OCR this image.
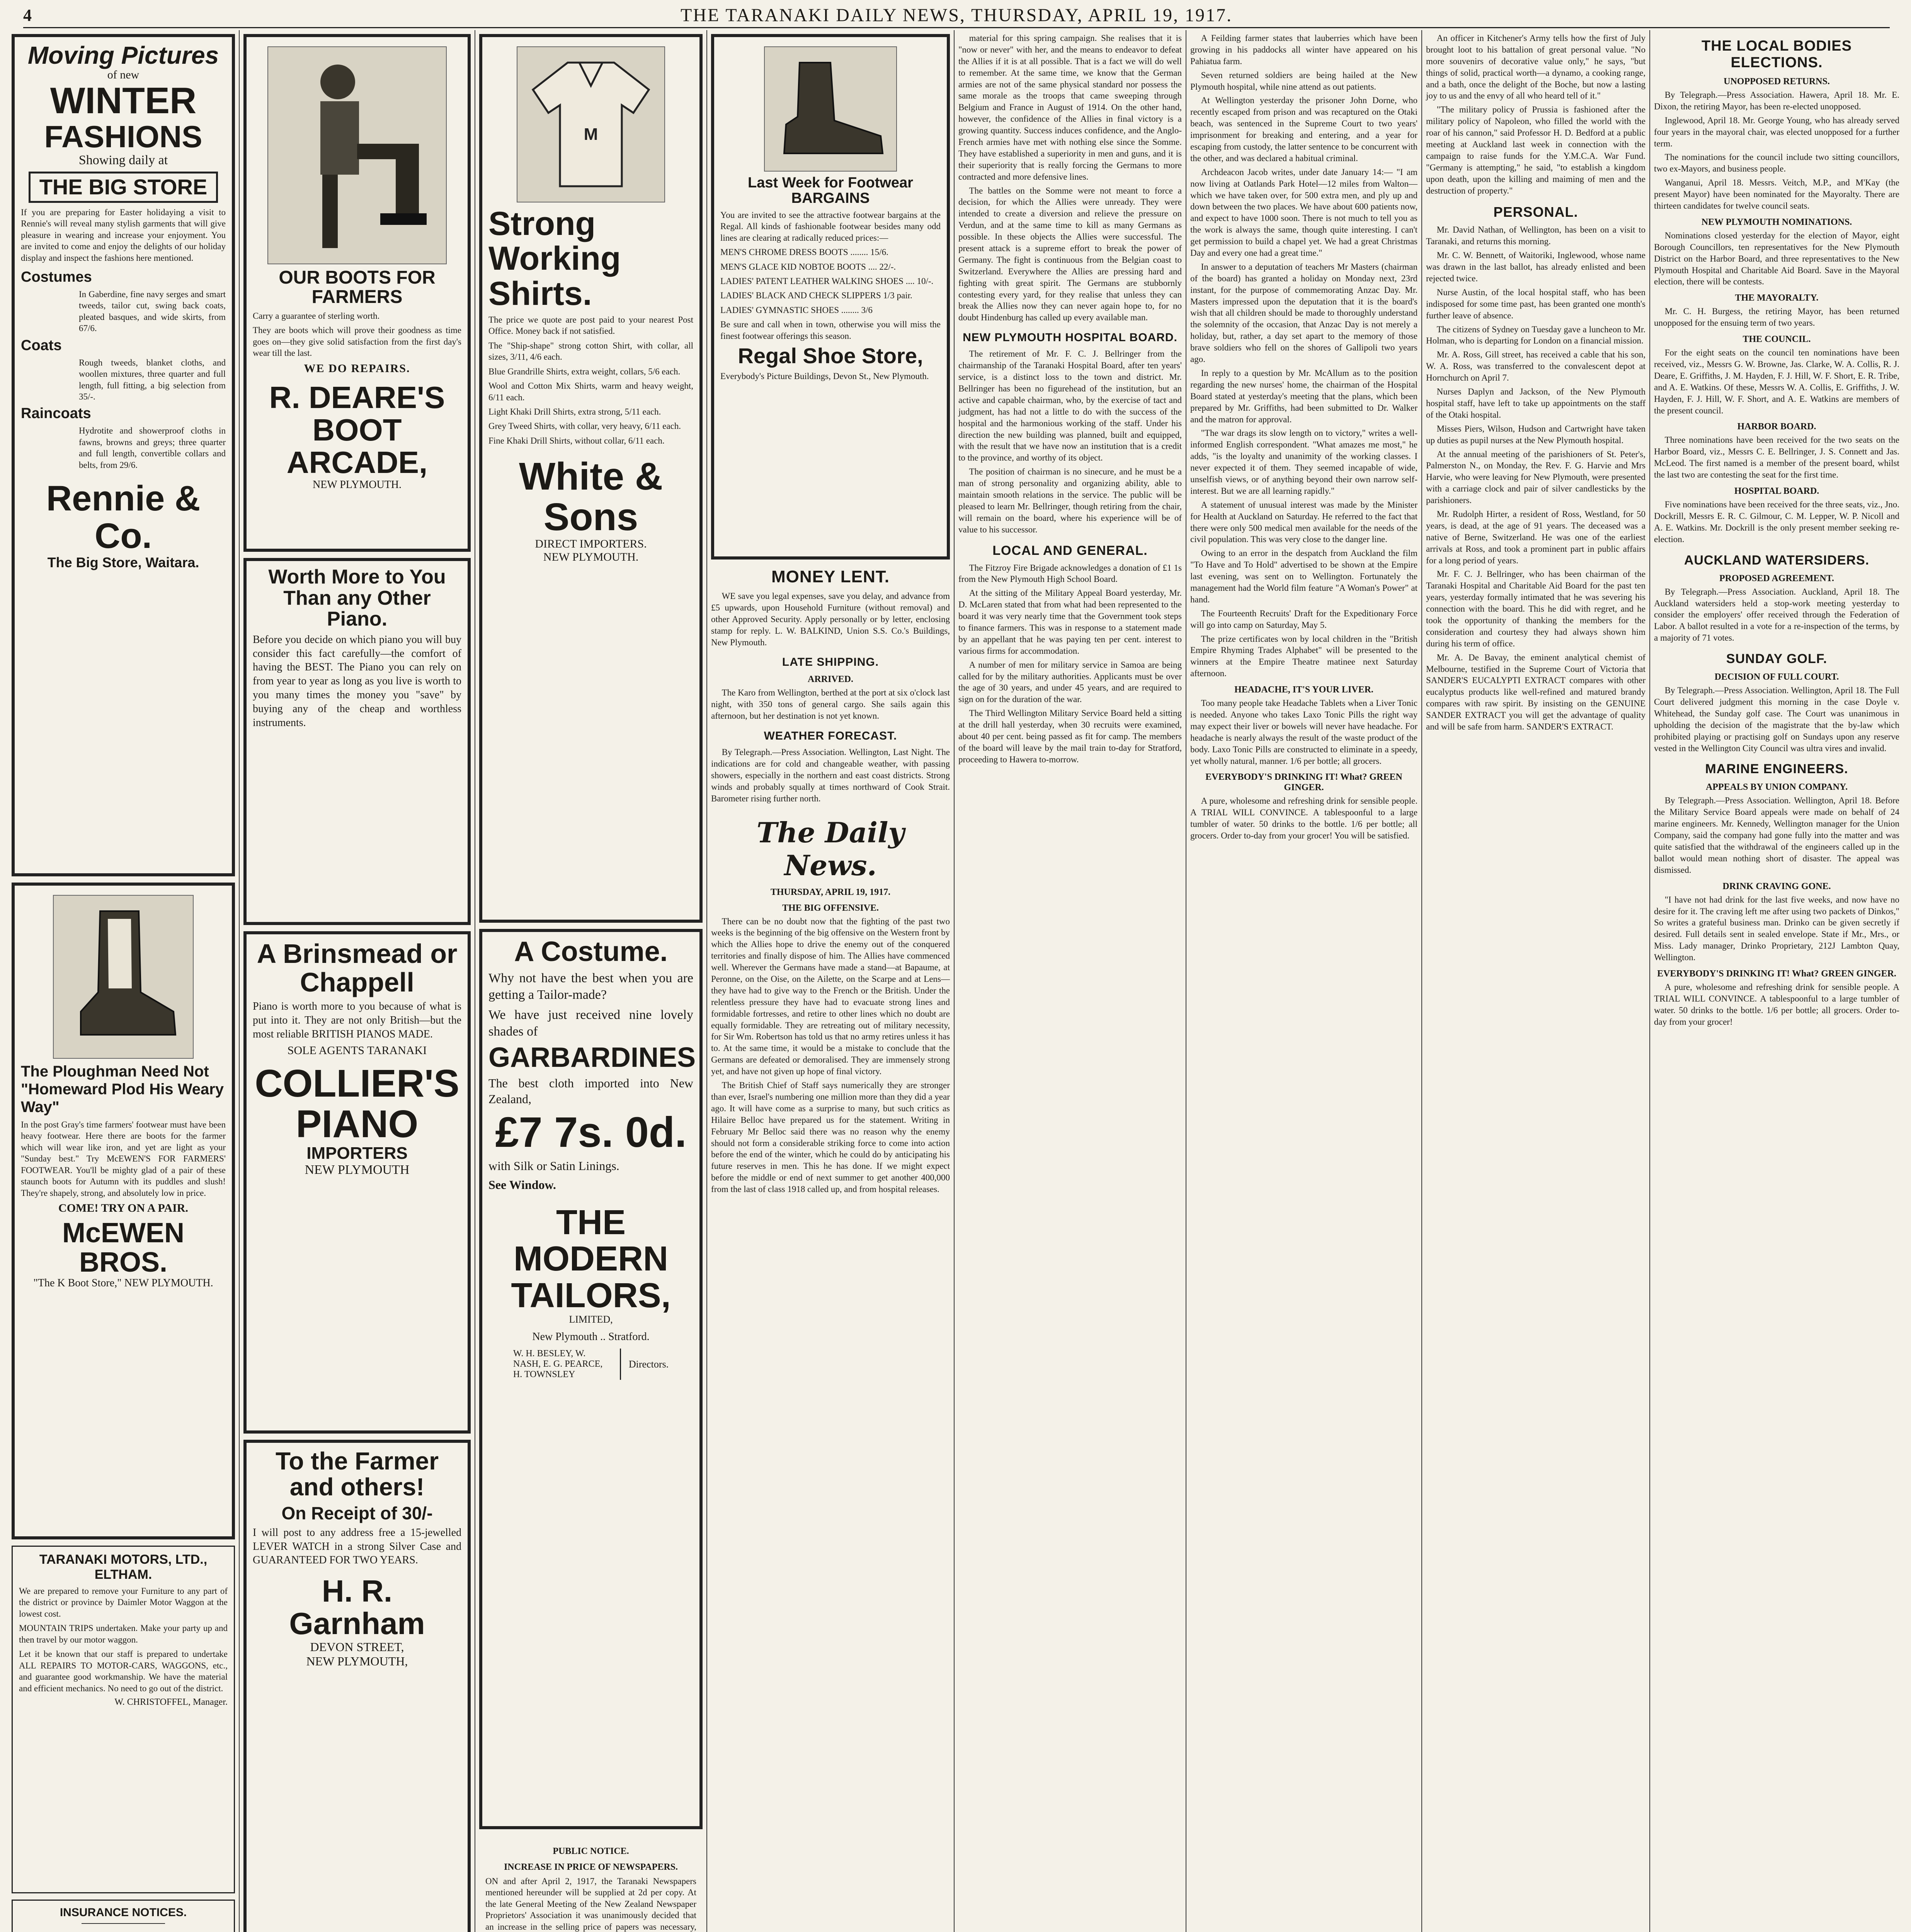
4	THE TARANAKI DAILY NEWS, THURSDAY, APRIL 19, 1917.
Moving Pictures
of new
WINTER
FASHIONS
Showing daily at
THE BIG STORE

If you are preparing for Easter holidaying a visit to Rennie's will reveal many stylish garments that will give pleasure in wearing and increase your enjoyment. You are invited to come and enjoy the delights of our holiday display and inspect the fashions here mentioned.

Costumes

In Gaberdine, fine navy serges and smart tweeds, tailor cut, swing back coats, pleated basques, and wide skirts, from 67/6.

Coats

Rough tweeds, blanket cloths, and woollen mixtures, three quarter and full length, full fitting, a big selection from 35/-.

Raincoats

Hydrotite and showerproof cloths in fawns, browns and greys; three quarter and full length, convertible collars and belts, from 29/6.

Rennie & Co.
The Big Store, Waitara.
The Ploughman Need Not "Homeward Plod His Weary Way"

In the post Gray's time farmers' footwear must have been heavy footwear. Here there are boots for the farmer which will wear like iron, and yet are light as your "Sunday best." Try McEWEN'S FOR FARMERS' FOOTWEAR. You'll be mighty glad of a pair of these staunch boots for Autumn with its puddles and slush! They're shapely, strong, and absolutely low in price.

COME! TRY ON A PAIR.
McEWEN BROS.
"The K Boot Store," NEW PLYMOUTH.
TARANAKI MOTORS, LTD., ELTHAM.

We are prepared to remove your Furniture to any part of the district or province by Daimler Motor Waggon at the lowest cost.

MOUNTAIN TRIPS undertaken. Make your party up and then travel by our motor waggon.

Let it be known that our staff is prepared to undertake ALL REPAIRS TO MOTOR-CARS, WAGGONS, etc., and guarantee good workmanship. We have the material and efficient mechanics. No need to go out of the district.

W. CHRISTOFFEL, Manager.
INSURANCE NOTICES.

OUR BOOTS FOR FARMERS

Carry a guarantee of sterling worth.

They are boots which will prove their goodness as time goes on—they give solid satisfaction from the first day's wear till the last.

WE DO REPAIRS.
R. DEARE'S BOOT ARCADE,
NEW PLYMOUTH.
Worth More to You Than any Other Piano.

Before you decide on which piano you will buy consider this fact carefully—the comfort of having the BEST. The Piano you can rely on from year to year as long as you live is worth to you many times the money you "save" by buying any of the cheap and worthless instruments.

A Brinsmead or Chappell

Piano is worth more to you because of what is put into it. They are not only British—but the most reliable BRITISH PIANOS MADE.

SOLE AGENTS TARANAKI
COLLIER'S PIANO
IMPORTERS
NEW PLYMOUTH
To the Farmer and others!
On Receipt of 30/-

I will post to any address free a 15-jewelled LEVER WATCH in a strong Silver Case and GUARANTEED FOR TWO YEARS.

H. R. Garnham
DEVON STREET,
NEW PLYMOUTH,

M
Strong Working Shirts.

The price we quote are post paid to your nearest Post Office. Money back if not satisfied.

The "Ship-shape" strong cotton Shirt, with collar, all sizes, 3/11, 4/6 each.

Blue Grandrille Shirts, extra weight, collars, 5/6 each.

Wool and Cotton Mix Shirts, warm and heavy weight, 6/11 each.

Light Khaki Drill Shirts, extra strong, 5/11 each.

Grey Tweed Shirts, with collar, very heavy, 6/11 each.

Fine Khaki Drill Shirts, without collar, 6/11 each.

White & Sons
DIRECT IMPORTERS.
NEW PLYMOUTH.
A Costume.

Why not have the best when you are getting a Tailor-made?

We have just received nine lovely shades of

GARBARDINES

The best cloth imported into New Zealand,

£7 7s. 0d.

with Silk or Satin Linings.

See Window.

THE MODERN TAILORS,
LIMITED,
New Plymouth .. Stratford.
W. H. BESLEY, W. NASH, E. G. PEARCE, H. TOWNSLEY
Directors.
PUBLIC NOTICE.
INCREASE IN PRICE OF NEWSPAPERS.

ON and after April 2, 1917, the Taranaki Newspapers mentioned hereunder will be supplied at 2d per copy. At the late General Meeting of the New Zealand Newspaper Proprietors' Association it was unanimously decided that an increase in the selling price of papers was necessary,

Last Week for Footwear BARGAINS

You are invited to see the attractive footwear bargains at the Regal. All kinds of fashionable footwear besides many odd lines are clearing at radically reduced prices:—

MEN'S CHROME DRESS BOOTS ........ 15/6.

MEN'S GLACE KID NOBTOE BOOTS .... 22/-.

LADIES' PATENT LEATHER WALKING SHOES .... 10/-.

LADIES' BLACK AND CHECK SLIPPERS 1/3 pair.

LADIES' GYMNASTIC SHOES ........ 3/6

Be sure and call when in town, otherwise you will miss the finest footwear offerings this season.

Regal Shoe Store,

Everybody's Picture Buildings, Devon St., New Plymouth.

MONEY LENT.

WE save you legal expenses, save you delay, and advance from £5 upwards, upon Household Furniture (without removal) and other Approved Security. Apply personally or by letter, enclosing stamp for reply. L. W. BALKIND, Union S.S. Co.'s Buildings, New Plymouth.

LATE SHIPPING.
ARRIVED.

The Karo from Wellington, berthed at the port at six o'clock last night, with 350 tons of general cargo. She sails again this afternoon, but her destination is not yet known.

WEATHER FORECAST.

By Telegraph.—Press Association. Wellington, Last Night. The indications are for cold and changeable weather, with passing showers, especially in the northern and east coast districts. Strong winds and probably squally at times northward of Cook Strait. Barometer rising further north.

The Daily News.
THURSDAY, APRIL 19, 1917.
THE BIG OFFENSIVE.

There can be no doubt now that the fighting of the past two weeks is the beginning of the big offensive on the Western front by which the Allies hope to drive the enemy out of the conquered territories and finally dispose of him. The Allies have commenced well. Wherever the Germans have made a stand—at Bapaume, at Peronne, on the Oise, on the Ailette, on the Scarpe and at Lens—they have had to give way to the French or the British. Under the relentless pressure they have had to evacuate strong lines and formidable fortresses, and retire to other lines which no doubt are equally formidable. They are retreating out of military necessity, for Sir Wm. Robertson has told us that no army retires unless it has to. At the same time, it would be a mistake to conclude that the Germans are defeated or demoralised. They are immensely strong yet, and have not given up hope of final victory.

The British Chief of Staff says numerically they are stronger than ever, Israel's numbering one million more than they did a year ago. It will have come as a surprise to many, but such critics as Hilaire Belloc have prepared us for the statement. Writing in February Mr Belloc said there was no reason why the enemy should not form a considerable striking force to come into action before the end of the winter, which he could do by anticipating his future reserves in men. This he has done. If we might expect before the middle or end of next summer to get another 400,000 from the last of class 1918 called up, and from hospital releases.

material for this spring campaign. She realises that it is "now or never" with her, and the means to endeavor to defeat the Allies if it is at all possible. That is a fact we will do well to remember. At the same time, we know that the German armies are not of the same physical standard nor possess the same morale as the troops that came sweeping through Belgium and France in August of 1914. On the other hand, however, the confidence of the Allies in final victory is a growing quantity. Success induces confidence, and the Anglo-French armies have met with nothing else since the Somme. They have established a superiority in men and guns, and it is their superiority that is really forcing the Germans to more contracted and more defensive lines.

The battles on the Somme were not meant to force a decision, for which the Allies were unready. They were intended to create a diversion and relieve the pressure on Verdun, and at the same time to kill as many Germans as possible. In these objects the Allies were successful. The present attack is a supreme effort to break the power of Germany. The fight is continuous from the Belgian coast to Switzerland. Everywhere the Allies are pressing hard and fighting with great spirit. The Germans are stubbornly contesting every yard, for they realise that unless they can break the Allies now they can never again hope to, for no doubt Hindenburg has called up every available man.

NEW PLYMOUTH HOSPITAL BOARD.

The retirement of Mr. F. C. J. Bellringer from the chairmanship of the Taranaki Hospital Board, after ten years' service, is a distinct loss to the town and district. Mr. Bellringer has been no figurehead of the institution, but an active and capable chairman, who, by the exercise of tact and judgment, has had not a little to do with the success of the hospital and the harmonious working of the staff. Under his direction the new building was planned, built and equipped, with the result that we have now an institution that is a credit to the province, and worthy of its object.

The position of chairman is no sinecure, and he must be a man of strong personality and organizing ability, able to maintain smooth relations in the service. The public will be pleased to learn Mr. Bellringer, though retiring from the chair, will remain on the board, where his experience will be of value to his successor.

LOCAL AND GENERAL.

The Fitzroy Fire Brigade acknowledges a donation of £1 1s from the New Plymouth High School Board.

At the sitting of the Military Appeal Board yesterday, Mr. D. McLaren stated that from what had been represented to the board it was very nearly time that the Government took steps to finance farmers. This was in response to a statement made by an appellant that he was paying ten per cent. interest to various firms for accommodation.

A number of men for military service in Samoa are being called for by the military authorities. Applicants must be over the age of 30 years, and under 45 years, and are required to sign on for the duration of the war.

The Third Wellington Military Service Board held a sitting at the drill hall yesterday, when 30 recruits were examined, about 40 per cent. being passed as fit for camp. The members of the board will leave by the mail train to-day for Stratford, proceeding to Hawera to-morrow.

A Feilding farmer states that lauberries which have been growing in his paddocks all winter have appeared on his Pahiatua farm.

Seven returned soldiers are being hailed at the New Plymouth hospital, while nine attend as out patients.

At Wellington yesterday the prisoner John Dorne, who recently escaped from prison and was recaptured on the Otaki beach, was sentenced in the Supreme Court to two years' imprisonment for breaking and entering, and a year for escaping from custody, the latter sentence to be concurrent with the other, and was declared a habitual criminal.

Archdeacon Jacob writes, under date January 14:— "I am now living at Oatlands Park Hotel—12 miles from Walton—which we have taken over, for 500 extra men, and ply up and down between the two places. We have about 600 patients now, and expect to have 1000 soon. There is not much to tell you as the work is always the same, though quite interesting. I can't get permission to build a chapel yet. We had a great Christmas Day and every one had a great time."

In answer to a deputation of teachers Mr Masters (chairman of the board) has granted a holiday on Monday next, 23rd instant, for the purpose of commemorating Anzac Day. Mr. Masters impressed upon the deputation that it is the board's wish that all children should be made to thoroughly understand the solemnity of the occasion, that Anzac Day is not merely a holiday, but, rather, a day set apart to the memory of those brave soldiers who fell on the shores of Gallipoli two years ago.

In reply to a question by Mr. McAllum as to the position regarding the new nurses' home, the chairman of the Hospital Board stated at yesterday's meeting that the plans, which been prepared by Mr. Griffiths, had been submitted to Dr. Walker and the matron for approval.

"The war drags its slow length on to victory," writes a well-informed English correspondent. "What amazes me most," he adds, "is the loyalty and unanimity of the working classes. I never expected it of them. They seemed incapable of wide, unselfish views, or of anything beyond their own narrow self-interest. But we are all learning rapidly."

A statement of unusual interest was made by the Minister for Health at Auckland on Saturday. He referred to the fact that there were only 500 medical men available for the needs of the civil population. This was very close to the danger line.

Owing to an error in the despatch from Auckland the film "To Have and To Hold" advertised to be shown at the Empire last evening, was sent on to Wellington. Fortunately the management had the World film feature "A Woman's Power" at hand.

The Fourteenth Recruits' Draft for the Expeditionary Force will go into camp on Saturday, May 5.

The prize certificates won by local children in the "British Empire Rhyming Trades Alphabet" will be presented to the winners at the Empire Theatre matinee next Saturday afternoon.

HEADACHE, IT'S YOUR LIVER.

Too many people take Headache Tablets when a Liver Tonic is needed. Anyone who takes Laxo Tonic Pills the right way may expect their liver or bowels will never have headache. For headache is nearly always the result of the waste product of the body. Laxo Tonic Pills are constructed to eliminate in a speedy, yet wholly natural, manner. 1/6 per bottle; all grocers.

EVERYBODY'S DRINKING IT! What? GREEN GINGER.

A pure, wholesome and refreshing drink for sensible people. A TRIAL WILL CONVINCE. A tablespoonful to a large tumbler of water. 50 drinks to the bottle. 1/6 per bottle; all grocers. Order to-day from your grocer! You will be satisfied.

An officer in Kitchener's Army tells how the first of July brought loot to his battalion of great personal value. "No more souvenirs of decorative value only," he says, "but things of solid, practical worth—a dynamo, a cooking range, and a bath, once the delight of the Boche, but now a lasting joy to us and the envy of all who heard tell of it."

"The military policy of Prussia is fashioned after the military policy of Napoleon, who filled the world with the roar of his cannon," said Professor H. D. Bedford at a public meeting at Auckland last week in connection with the campaign to raise funds for the Y.M.C.A. War Fund. "Germany is attempting," he said, "to establish a kingdom upon death, upon the killing and maiming of men and the destruction of property."

PERSONAL.

Mr. David Nathan, of Wellington, has been on a visit to Taranaki, and returns this morning.

Mr. C. W. Bennett, of Waitoriki, Inglewood, whose name was drawn in the last ballot, has already enlisted and been rejected twice.

Nurse Austin, of the local hospital staff, who has been indisposed for some time past, has been granted one month's further leave of absence.

The citizens of Sydney on Tuesday gave a luncheon to Mr. Holman, who is departing for London on a financial mission.

Mr. A. Ross, Gill street, has received a cable that his son, W. A. Ross, was transferred to the convalescent depot at Hornchurch on April 7.

Nurses Daplyn and Jackson, of the New Plymouth hospital staff, have left to take up appointments on the staff of the Otaki hospital.

Misses Piers, Wilson, Hudson and Cartwright have taken up duties as pupil nurses at the New Plymouth hospital.

At the annual meeting of the parishioners of St. Peter's, Palmerston N., on Monday, the Rev. F. G. Harvie and Mrs Harvie, who were leaving for New Plymouth, were presented with a carriage clock and pair of silver candlesticks by the parishioners.

Mr. Rudolph Hirter, a resident of Ross, Westland, for 50 years, is dead, at the age of 91 years. The deceased was a native of Berne, Switzerland. He was one of the earliest arrivals at Ross, and took a prominent part in public affairs for a long period of years.

Mr. F. C. J. Bellringer, who has been chairman of the Taranaki Hospital and Charitable Aid Board for the past ten years, yesterday formally intimated that he was severing his connection with the board. This he did with regret, and he took the opportunity of thanking the members for the consideration and courtesy they had always shown him during his term of office.

Mr. A. De Bavay, the eminent analytical chemist of Melbourne, testified in the Supreme Court of Victoria that SANDER'S EUCALYPTI EXTRACT compares with other eucalyptus products like well-refined and matured brandy compares with raw spirit. By insisting on the GENUINE SANDER EXTRACT you will get the advantage of quality and will be safe from harm. SANDER'S EXTRACT.

THE LOCAL BODIES ELECTIONS.
UNOPPOSED RETURNS.

By Telegraph.—Press Association. Hawera, April 18. Mr. E. Dixon, the retiring Mayor, has been re-elected unopposed.

Inglewood, April 18. Mr. George Young, who has already served four years in the mayoral chair, was elected unopposed for a further term.

The nominations for the council include two sitting councillors, two ex-Mayors, and business people.

Wanganui, April 18. Messrs. Veitch, M.P., and M'Kay (the present Mayor) have been nominated for the Mayoralty. There are thirteen candidates for twelve council seats.

NEW PLYMOUTH NOMINATIONS.

Nominations closed yesterday for the election of Mayor, eight Borough Councillors, ten representatives for the New Plymouth District on the Harbor Board, and three representatives to the New Plymouth Hospital and Charitable Aid Board. Save in the Mayoral election, there will be contests.

THE MAYORALTY.

Mr. C. H. Burgess, the retiring Mayor, has been returned unopposed for the ensuing term of two years.

THE COUNCIL.

For the eight seats on the council ten nominations have been received, viz., Messrs G. W. Browne, Jas. Clarke, W. A. Collis, R. J. Deare, E. Griffiths, J. M. Hayden, F. J. Hill, W. F. Short, E. R. Tribe, and A. E. Watkins. Of these, Messrs W. A. Collis, E. Griffiths, J. W. Hayden, F. J. Hill, W. F. Short, and A. E. Watkins are members of the present council.

HARBOR BOARD.

Three nominations have been received for the two seats on the Harbor Board, viz., Messrs C. E. Bellringer, J. S. Connett and Jas. McLeod. The first named is a member of the present board, whilst the last two are contesting the seat for the first time.

HOSPITAL BOARD.

Five nominations have been received for the three seats, viz., Jno. Dockrill, Messrs E. R. C. Gilmour, C. M. Lepper, W. P. Nicoll and A. E. Watkins. Mr. Dockrill is the only present member seeking re-election.

AUCKLAND WATERSIDERS.
PROPOSED AGREEMENT.

By Telegraph.—Press Association. Auckland, April 18. The Auckland watersiders held a stop-work meeting yesterday to consider the employers' offer received through the Federation of Labor. A ballot resulted in a vote for a re-inspection of the terms, by a majority of 71 votes.

SUNDAY GOLF.
DECISION OF FULL COURT.

By Telegraph.—Press Association. Wellington, April 18. The Full Court delivered judgment this morning in the case Doyle v. Whitehead, the Sunday golf case. The Court was unanimous in upholding the decision of the magistrate that the by-law which prohibited playing or practising golf on Sundays upon any reserve vested in the Wellington City Council was ultra vires and invalid.

MARINE ENGINEERS.
APPEALS BY UNION COMPANY.

By Telegraph.—Press Association. Wellington, April 18. Before the Military Service Board appeals were made on behalf of 24 marine engineers. Mr. Kennedy, Wellington manager for the Union Company, said the company had gone fully into the matter and was quite satisfied that the withdrawal of the engineers called up in the ballot would mean nothing short of disaster. The appeal was dismissed.

DRINK CRAVING GONE.

"I have not had drink for the last five weeks, and now have no desire for it. The craving left me after using two packets of Dinkos," So writes a grateful business man. Drinko can be given secretly if desired. Full details sent in sealed envelope. State if Mr., Mrs., or Miss. Lady manager, Drinko Proprietary, 212J Lambton Quay, Wellington.

EVERYBODY'S DRINKING IT! What? GREEN GINGER.

A pure, wholesome and refreshing drink for sensible people. A TRIAL WILL CONVINCE. A tablespoonful to a large tumbler of water. 50 drinks to the bottle. 1/6 per bottle; all grocers. Order to-day from your grocer!
